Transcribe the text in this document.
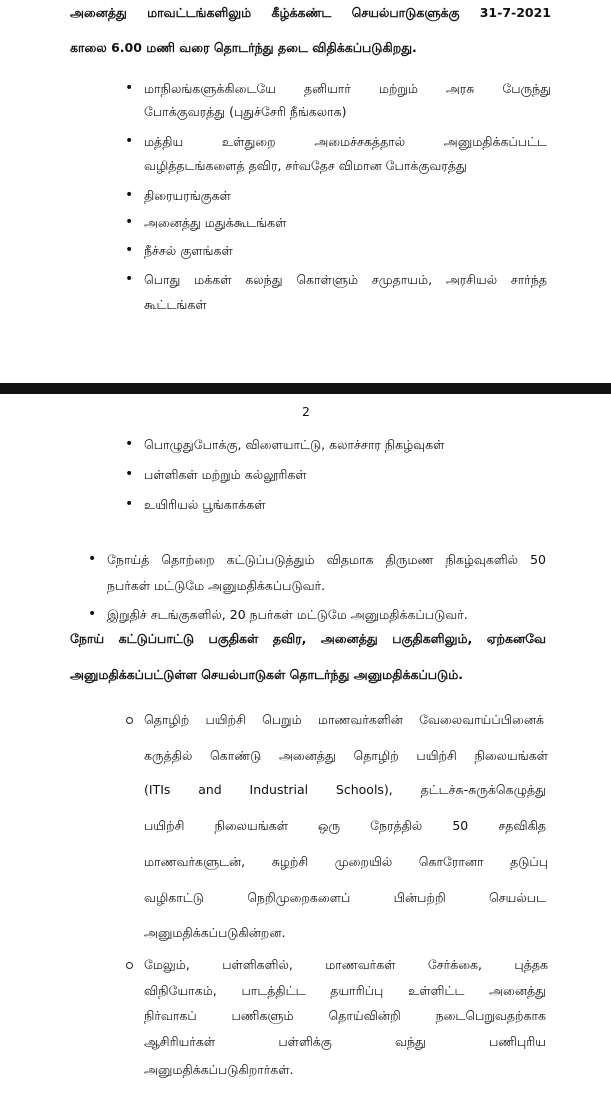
அனைத்து மாவட்டங்களிலும் கீழ்க்கண்ட செயல்பாடுகளுக்கு 31-7-2021
காலை 6.00 மணி வரை தொடர்ந்து தடை விதிக்கப்படுகிறது.
• மாநிலங்களுக்கிடையே தனியார் மற்றும் அரசு பேருந்து
போக்குவரத்து (புதுச்சேரி நீங்கலாக)
• மத்திய உள்துறை அமைச்சகத்தால் அனுமதிக்கப்பட்ட
வழித்தடங்களைத் தவிர, சர்வதேச விமான போக்குவரத்து
• திரையரங்குகள்
• அனைத்து மதுக்கூடங்கள்
• நீச்சல் குளங்கள்
• பொது மக்கள் கலந்து கொள்ளும் சமுதாயம், அரசியல் சார்ந்த
கூட்டங்கள்
2
• பொழுதுபோக்கு, விளையாட்டு, கலாச்சார நிகழ்வுகள்
• பள்ளிகள் மற்றும் கல்லூரிகள்
• உயிரியல் பூங்காக்கள்
• நோய்த் தொற்றை கட்டுப்படுத்தும் விதமாக திருமண நிகழ்வுகளில் 50
நபர்கள் மட்டுமே அனுமதிக்கப்படுவர்.
• இறுதிச் சடங்குகளில், 20 நபர்கள் மட்டுமே அனுமதிக்கப்படுவர்.
நோய் கட்டுப்பாட்டு பகுதிகள் தவிர, அனைத்து பகுதிகளிலும், ஏற்கனவே
அனுமதிக்கப்பட்டுள்ள செயல்பாடுகள் தொடர்ந்து அனுமதிக்கப்படும்.
தொழிற் பயிற்சி பெறும் மாணவர்களின் வேலைவாய்ப்பினைக்
கருத்தில் கொண்டு அனைத்து தொழிற் பயிற்சி நிலையங்கள்
(ITIs and Industrial Schools), தட்டச்சு-சுருக்கெழுத்து
பயிற்சி நிலையங்கள் ஒரு நேரத்தில் 50 சதவிகித
மாணவர்களுடன், சுழற்சி முறையில் கொரோனா தடுப்பு
வழிகாட்டு நெறிமுறைகளைப் பின்பற்றி செயல்பட
அனுமதிக்கப்படுகின்றன.
மேலும், பள்ளிகளில், மாணவர்கள் சேர்க்கை, புத்தக
விநியோகம், பாடத்திட்ட தயாரிப்பு உள்ளிட்ட அனைத்து
நிர்வாகப் பணிகளும் தொய்வின்றி நடைபெறுவதற்காக
ஆசிரியர்கள் பள்ளிக்கு வந்து பணிபுரிய
அனுமதிக்கப்படுகிறார்கள்.
